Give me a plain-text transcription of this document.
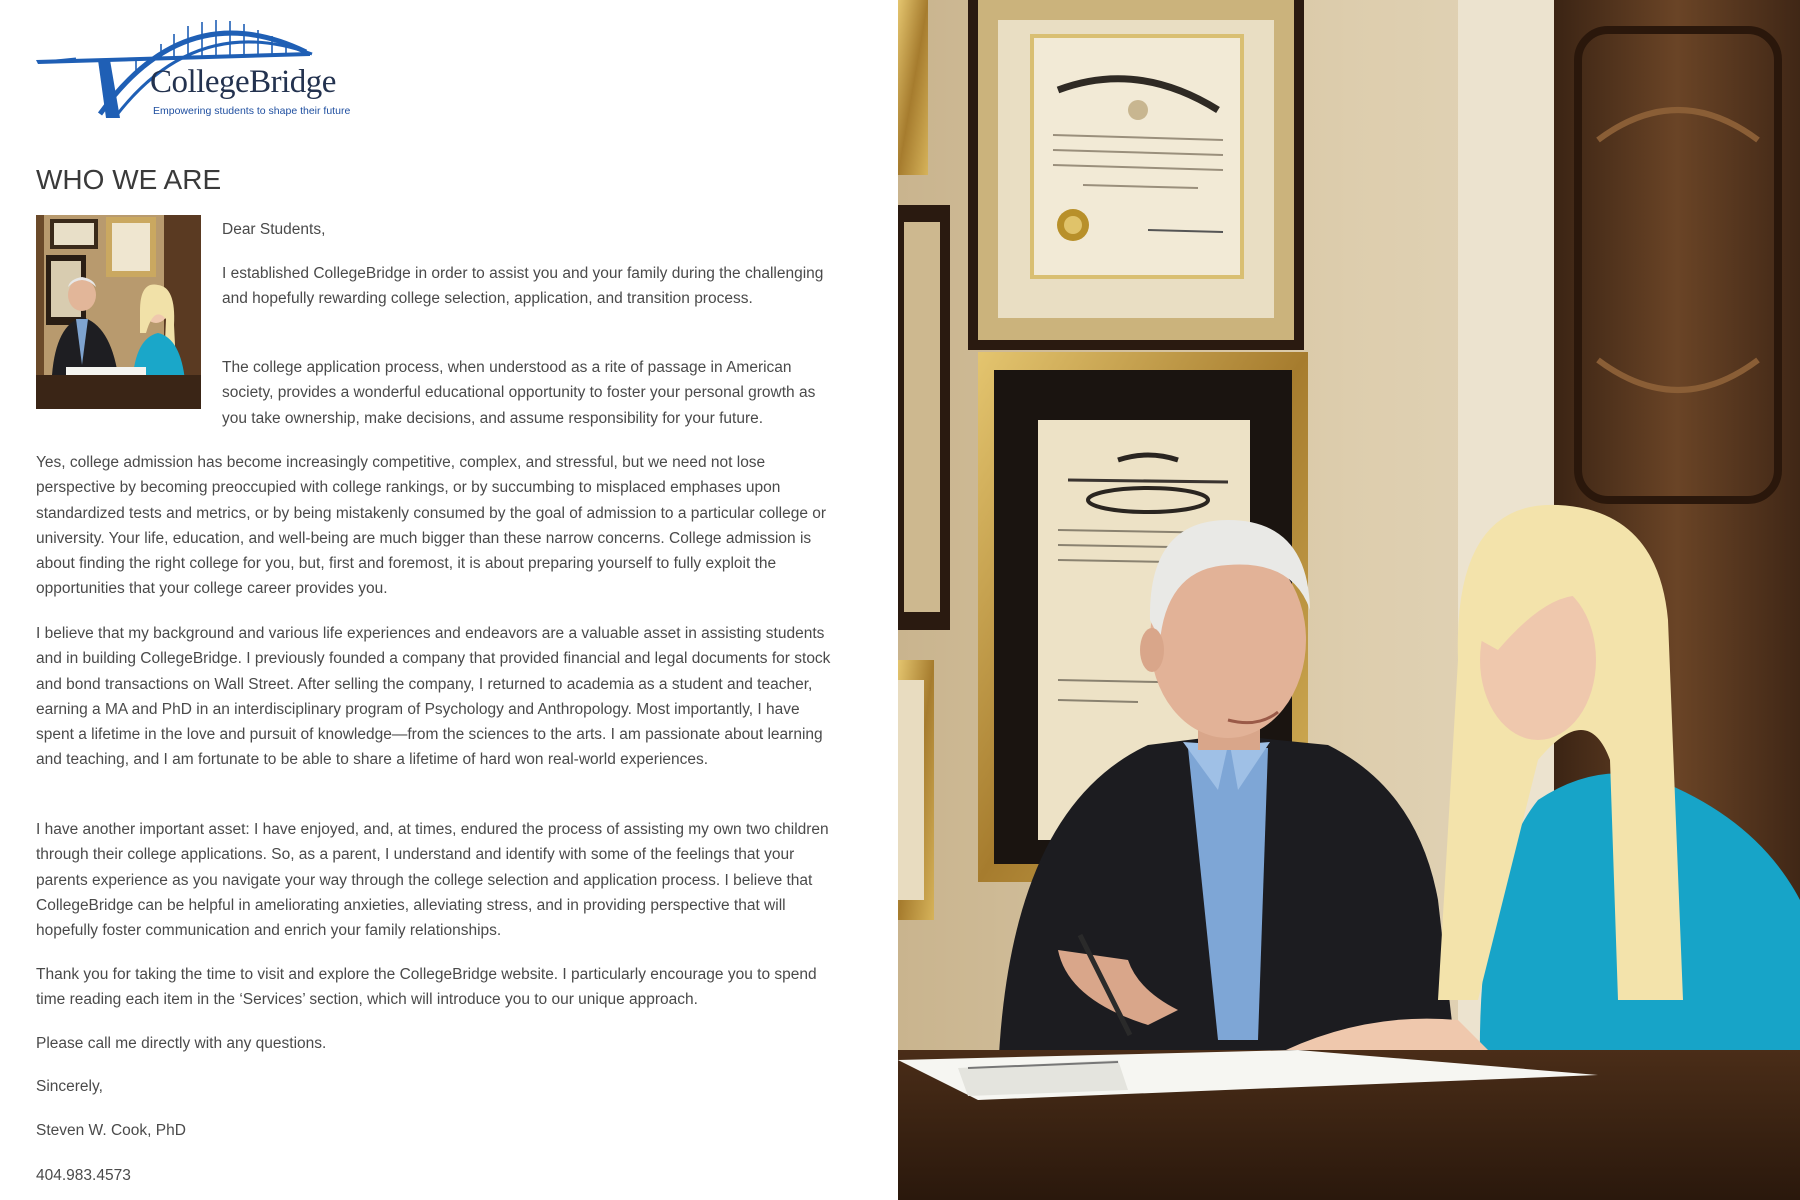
CollegeBridge
Empowering students to shape their future
WHO WE ARE

Dear Students,

I established CollegeBridge in order to assist you and your family during the challenging and hopefully rewarding college selection, application, and transition process.

The college application process, when understood as a rite of passage in American society, provides a wonderful educational opportunity to foster your personal growth as you take ownership, make decisions, and assume responsibility for your future.

Yes, college admission has become increasingly competitive, complex, and stressful, but we need not lose perspective by becoming preoccupied with college rankings, or by succumbing to misplaced emphases upon standardized tests and metrics, or by being mistakenly consumed by the goal of admission to a particular college or university. Your life, education, and well-being are much bigger than these narrow concerns. College admission is about finding the right college for you, but, first and foremost, it is about preparing yourself to fully exploit the opportunities that your college career provides you.

I believe that my background and various life experiences and endeavors are a valuable asset in assisting students and in building CollegeBridge. I previously founded a company that provided financial and legal documents for stock and bond transactions on Wall Street. After selling the company, I returned to academia as a student and teacher, earning a MA and PhD in an interdisciplinary program of Psychology and Anthropology. Most importantly, I have spent a lifetime in the love and pursuit of knowledge—from the sciences to the arts. I am passionate about learning and teaching, and I am fortunate to be able to share a lifetime of hard won real-world experiences.

I have another important asset: I have enjoyed, and, at times, endured the process of assisting my own two children through their college applications. So, as a parent, I understand and identify with some of the feelings that your parents experience as you navigate your way through the college selection and application process. I believe that CollegeBridge can be helpful in ameliorating anxieties, alleviating stress, and in providing perspective that will hopefully foster communication and enrich your family relationships.

Thank you for taking the time to visit and explore the CollegeBridge website. I particularly encourage you to spend time reading each item in the ‘Services’ section, which will introduce you to our unique approach.

Please call me directly with any questions.

Sincerely,

Steven W. Cook, PhD

404.983.4573
